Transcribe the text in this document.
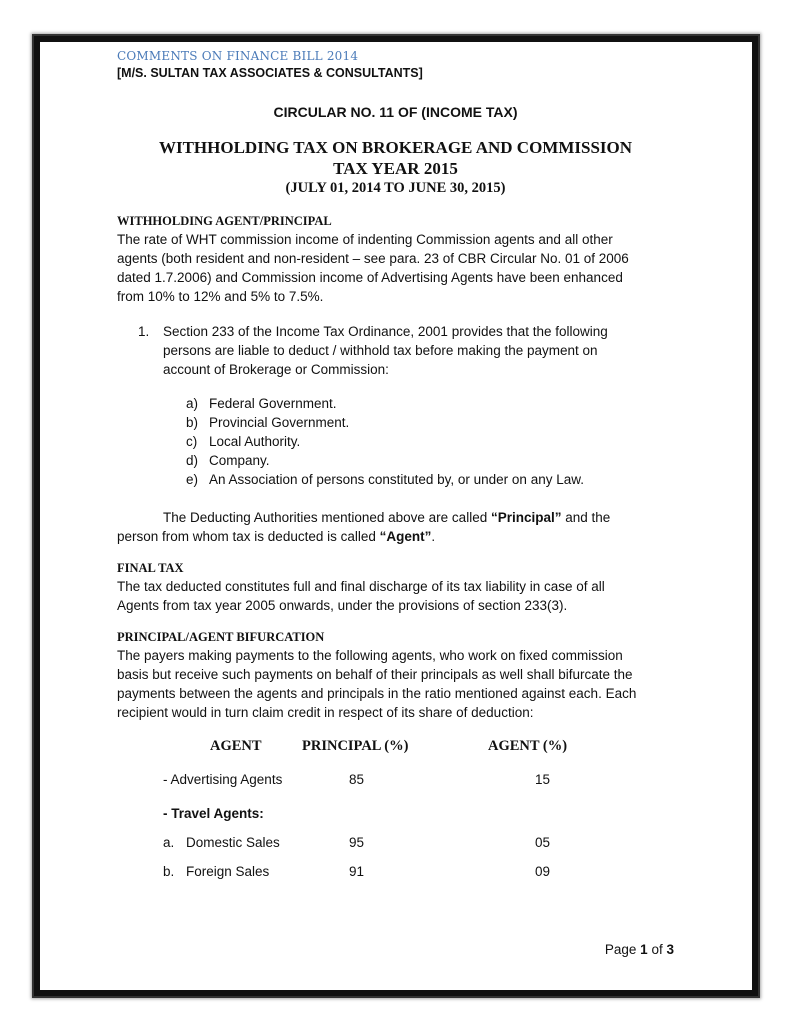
COMMENTS ON FINANCE BILL 2014
[M/S. SULTAN TAX ASSOCIATES & CONSULTANTS]
CIRCULAR NO. 11 OF (INCOME TAX)
WITHHOLDING TAX ON BROKERAGE AND COMMISSION
TAX YEAR 2015
(JULY 01, 2014 TO JUNE 30, 2015)
WITHHOLDING AGENT/PRINCIPAL
The rate of WHT commission income of indenting Commission agents and all other
agents (both resident and non-resident – see para. 23 of CBR Circular No. 01 of 2006
dated 1.7.2006) and Commission income of Advertising Agents have been enhanced
from 10% to 12% and 5% to 7.5%.
1. Section 233 of the Income Tax Ordinance, 2001 provides that the following
persons are liable to deduct / withhold tax before making the payment on
account of Brokerage or Commission:
a) Federal Government.
b) Provincial Government.
c) Local Authority.
d) Company.
e) An Association of persons constituted by, or under on any Law.
The Deducting Authorities mentioned above are called “Principal” and the
person from whom tax is deducted is called “Agent”.
FINAL TAX
The tax deducted constitutes full and final discharge of its tax liability in case of all
Agents from tax year 2005 onwards, under the provisions of section 233(3).
PRINCIPAL/AGENT BIFURCATION
The payers making payments to the following agents, who work on fixed commission
basis but receive such payments on behalf of their principals as well shall bifurcate the
payments between the agents and principals in the ratio mentioned against each. Each
recipient would in turn claim credit in respect of its share of deduction:
AGENT	PRINCIPAL (%)	AGENT (%)
- Advertising Agents	85	15
- Travel Agents:
a. Domestic Sales	95	05
b. Foreign Sales	91	09
Page 1 of 3
